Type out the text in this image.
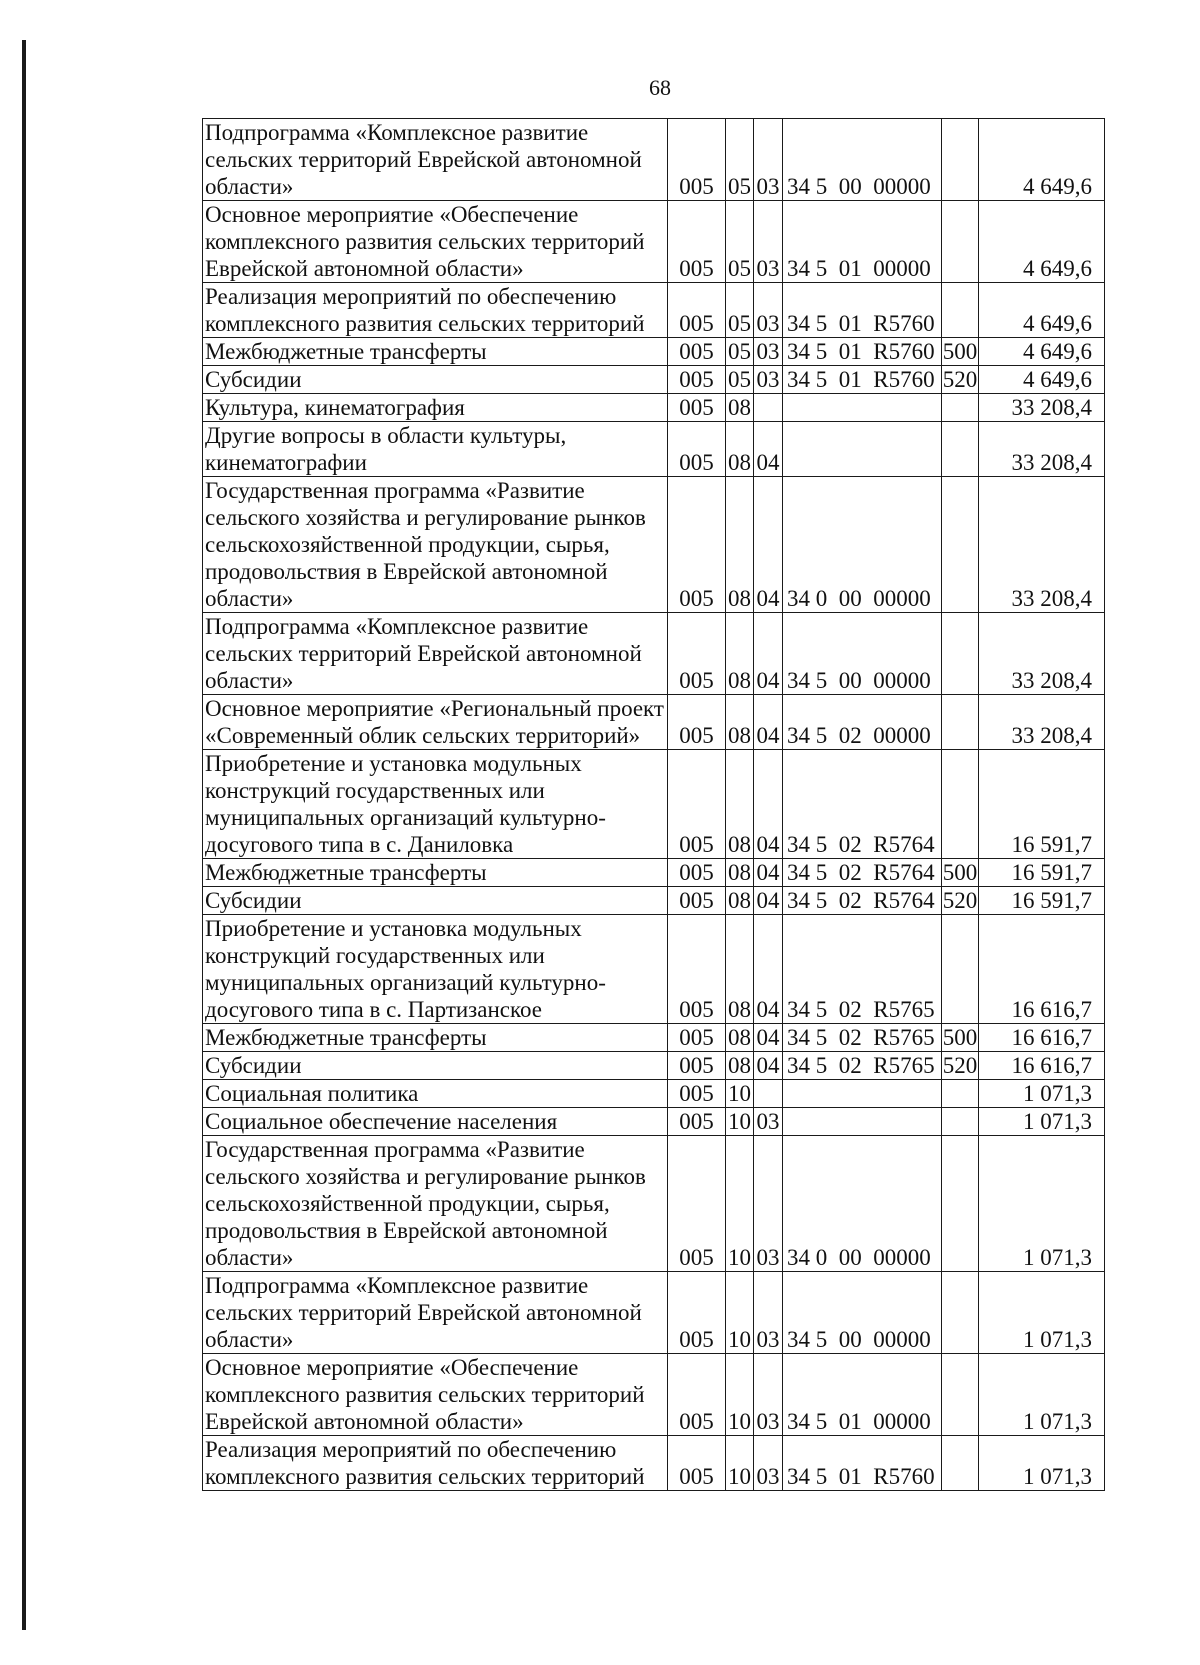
68
Подпрограмма «Комплексное развитие сельских территорий Еврейской автономной области»	005	05	03	34 5  00  00000		4 649,6
Основное мероприятие «Обеспечение комплексного развития сельских территорий Еврейской автономной области»	005	05	03	34 5  01  00000		4 649,6
Реализация мероприятий по обеспечению комплексного развития сельских территорий	005	05	03	34 5  01  R5760		4 649,6
Межбюджетные трансферты	005	05	03	34 5  01  R5760	500	4 649,6
Субсидии	005	05	03	34 5  01  R5760	520	4 649,6
Культура, кинематография	005	08				33 208,4
Другие вопросы в области культуры, кинематографии	005	08	04			33 208,4
Государственная программа «Развитие сельского хозяйства и регулирование рынков сельскохозяйственной продукции, сырья, продовольствия в Еврейской автономной области»	005	08	04	34 0  00  00000		33 208,4
Подпрограмма «Комплексное развитие сельских территорий Еврейской автономной области»	005	08	04	34 5  00  00000		33 208,4
Основное мероприятие «Региональный проект «Современный облик сельских территорий»	005	08	04	34 5  02  00000		33 208,4
Приобретение и установка модульных конструкций государственных или муниципальных организаций культурно-досугового типа в с. Даниловка	005	08	04	34 5  02  R5764		16 591,7
Межбюджетные трансферты	005	08	04	34 5  02  R5764	500	16 591,7
Субсидии	005	08	04	34 5  02  R5764	520	16 591,7
Приобретение и установка модульных конструкций государственных или муниципальных организаций культурно-досугового типа в с. Партизанское	005	08	04	34 5  02  R5765		16 616,7
Межбюджетные трансферты	005	08	04	34 5  02  R5765	500	16 616,7
Субсидии	005	08	04	34 5  02  R5765	520	16 616,7
Социальная политика	005	10				1 071,3
Социальное обеспечение населения	005	10	03			1 071,3
Государственная программа «Развитие сельского хозяйства и регулирование рынков сельскохозяйственной продукции, сырья, продовольствия в Еврейской автономной области»	005	10	03	34 0  00  00000		1 071,3
Подпрограмма «Комплексное развитие сельских территорий Еврейской автономной области»	005	10	03	34 5  00  00000		1 071,3
Основное мероприятие «Обеспечение комплексного развития сельских территорий Еврейской автономной области»	005	10	03	34 5  01  00000		1 071,3
Реализация мероприятий по обеспечению комплексного развития сельских территорий	005	10	03	34 5  01  R5760		1 071,3
